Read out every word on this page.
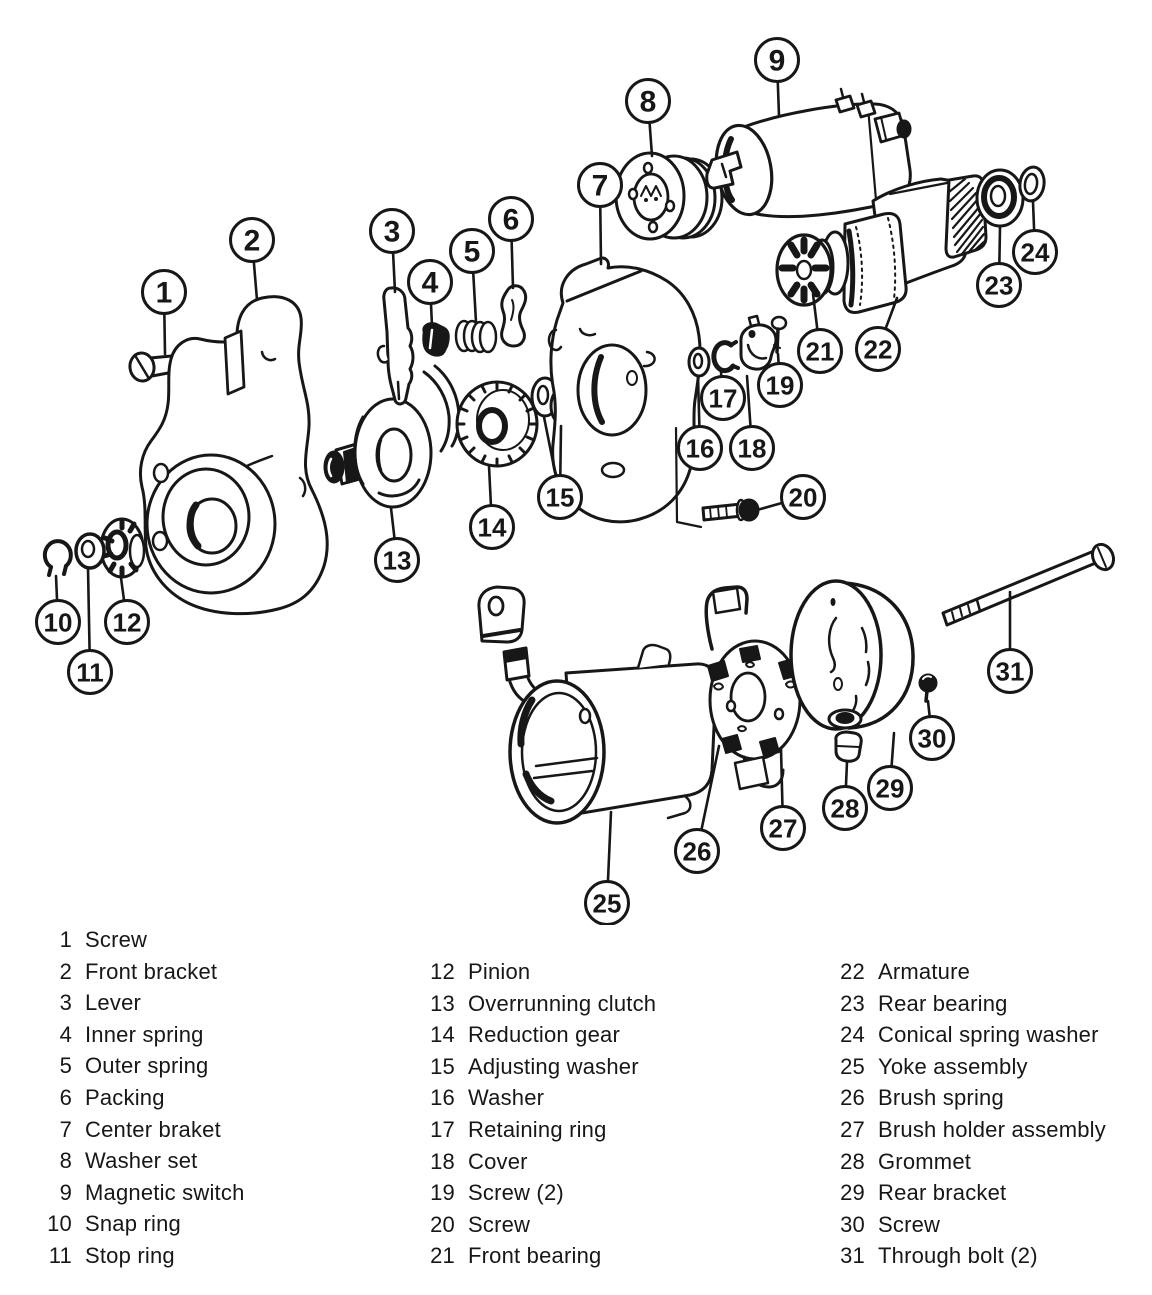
1
2	3
4
5
6
7
8
9
10
11
12
13
14
15
16
17
18
19
20
21 22
23
24
25
26
27
28
29
30
31
1 Screw
2 Front bracket
3 Lever
4 Inner spring
5 Outer spring
6 Packing
7 Center braket
8 Washer set
9 Magnetic switch
10 Snap ring
11 Stop ring
12 Pinion
13 Overrunning clutch
14 Reduction gear
15 Adjusting washer
16 Washer
17 Retaining ring
18 Cover
19 Screw (2)
20 Screw
21 Front bearing
22 Armature
23 Rear bearing
24 Conical spring washer
25 Yoke assembly
26 Brush spring
27 Brush holder assembly
28 Grommet
29 Rear bracket
30 Screw
31 Through bolt (2)
